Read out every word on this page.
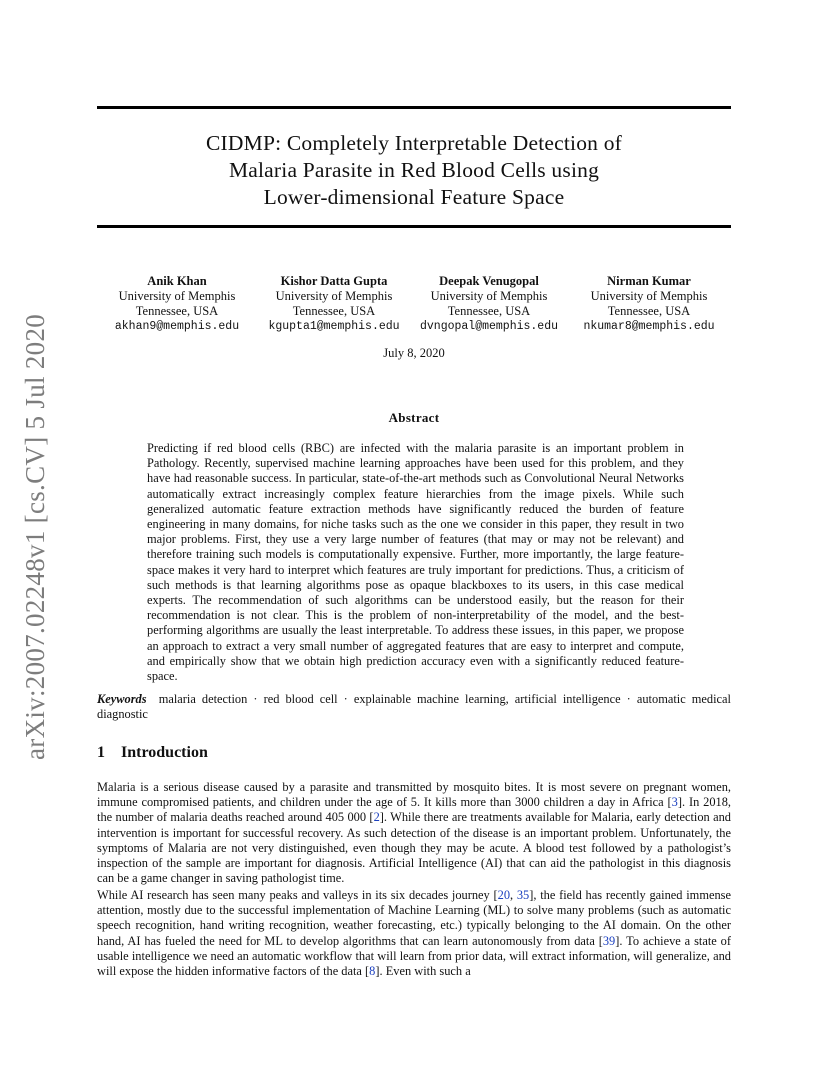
arXiv:2007.02248v1 [cs.CV] 5 Jul 2020
CIDMP: Completely Interpretable Detection of
Malaria Parasite in Red Blood Cells using
Lower-dimensional Feature Space
Anik Khan
University of Memphis
Tennessee, USA
akhan9@memphis.edu
Kishor Datta Gupta
University of Memphis
Tennessee, USA
kgupta1@memphis.edu
Deepak Venugopal
University of Memphis
Tennessee, USA
dvngopal@memphis.edu
Nirman Kumar
University of Memphis
Tennessee, USA
nkumar8@memphis.edu
July 8, 2020
Abstract
Predicting if red blood cells (RBC) are infected with the malaria parasite is an important problem in Pathology. Recently, supervised machine learning approaches have been used for this problem, and they have had reasonable success. In particular, state-of-the-art methods such as Convolutional Neural Networks automatically extract increasingly complex feature hierarchies from the image pixels. While such generalized automatic feature extraction methods have significantly reduced the burden of feature engineering in many domains, for niche tasks such as the one we consider in this paper, they result in two major problems. First, they use a very large number of features (that may or may not be relevant) and therefore training such models is computationally expensive. Further, more importantly, the large feature-space makes it very hard to interpret which features are truly important for predictions. Thus, a criticism of such methods is that learning algorithms pose as opaque blackboxes to its users, in this case medical experts. The recommendation of such algorithms can be understood easily, but the reason for their recommendation is not clear. This is the problem of non-interpretability of the model, and the best-performing algorithms are usually the least interpretable. To address these issues, in this paper, we propose an approach to extract a very small number of aggregated features that are easy to interpret and compute, and empirically show that we obtain high prediction accuracy even with a significantly reduced feature-space.
Keywords malaria detection · red blood cell · explainable machine learning, artificial intelligence · automatic medical diagnostic
1 Introduction
Malaria is a serious disease caused by a parasite and transmitted by mosquito bites. It is most severe on pregnant women, immune compromised patients, and children under the age of 5. It kills more than 3000 children a day in Africa [3]. In 2018, the number of malaria deaths reached around 405 000 [2]. While there are treatments available for Malaria, early detection and intervention is important for successful recovery. As such detection of the disease is an important problem. Unfortunately, the symptoms of Malaria are not very distinguished, even though they may be acute. A blood test followed by a pathologist’s inspection of the sample are important for diagnosis. Artificial Intelligence (AI) that can aid the pathologist in this diagnosis can be a game changer in saving pathologist time.
While AI research has seen many peaks and valleys in its six decades journey [20, 35], the field has recently gained immense attention, mostly due to the successful implementation of Machine Learning (ML) to solve many problems (such as automatic speech recognition, hand writing recognition, weather forecasting, etc.) typically belonging to the AI domain. On the other hand, AI has fueled the need for ML to develop algorithms that can learn autonomously from data [39]. To achieve a state of usable intelligence we need an automatic workflow that will learn from prior data, will extract information, will generalize, and will expose the hidden informative factors of the data [8]. Even with such a
